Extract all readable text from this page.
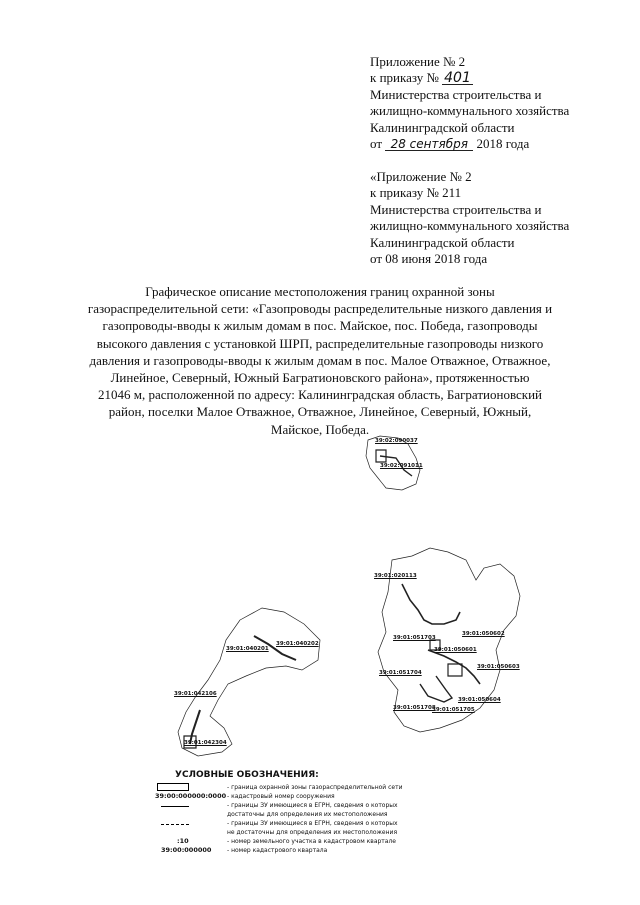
Приложение № 2
к приказу № 401
Министерства строительства и
жилищно-коммунального хозяйства
Калининградской области
от 28 сентября 2018 года
«Приложение № 2
к приказу № 211
Министерства строительства и
жилищно-коммунального хозяйства
Калининградской области
от 08 июня 2018 года
Графическое описание местоположения границ охранной зоны
газораспределительной сети: «Газопроводы распределительные низкого давления и
газопроводы-вводы к жилым домам в пос. Майское, пос. Победа, газопроводы
высокого давления с установкой ШРП, распределительные газопроводы низкого
давления и газопроводы-вводы к жилым домам в пос. Малое Отважное, Отважное,
Линейное, Северный, Южный Багратионовского района», протяженностью
21046 м, расположенной по адресу: Калининградская область, Багратионовский
район, поселки Малое Отважное, Отважное, Линейное, Северный, Южный,
Майское, Победа.
39:02:090037
39:02:091011
39:01:020113
39:01:050602
39:01:051703
39:01:050601
39:01:051704
39:01:050603
39:01:050604
39:01:051708
39:01:051705
39:01:040201
39:01:040202
39:01:042106
39:01:042304
УСЛОВНЫЕ ОБОЗНАЧЕНИЯ:
- граница охранной зоны газораспределительной сети
39:00:000000:0000 - кадастровый номер сооружения
- границы ЗУ имеющиеся в ЕГРН, сведения о которых
достаточны для определения их местоположения
- границы ЗУ имеющиеся в ЕГРН, сведения о которых
не достаточны для определения их местоположения
:10	- номер земельного участка в кадастровом квартале
39:00:000000	- номер кадастрового квартала
